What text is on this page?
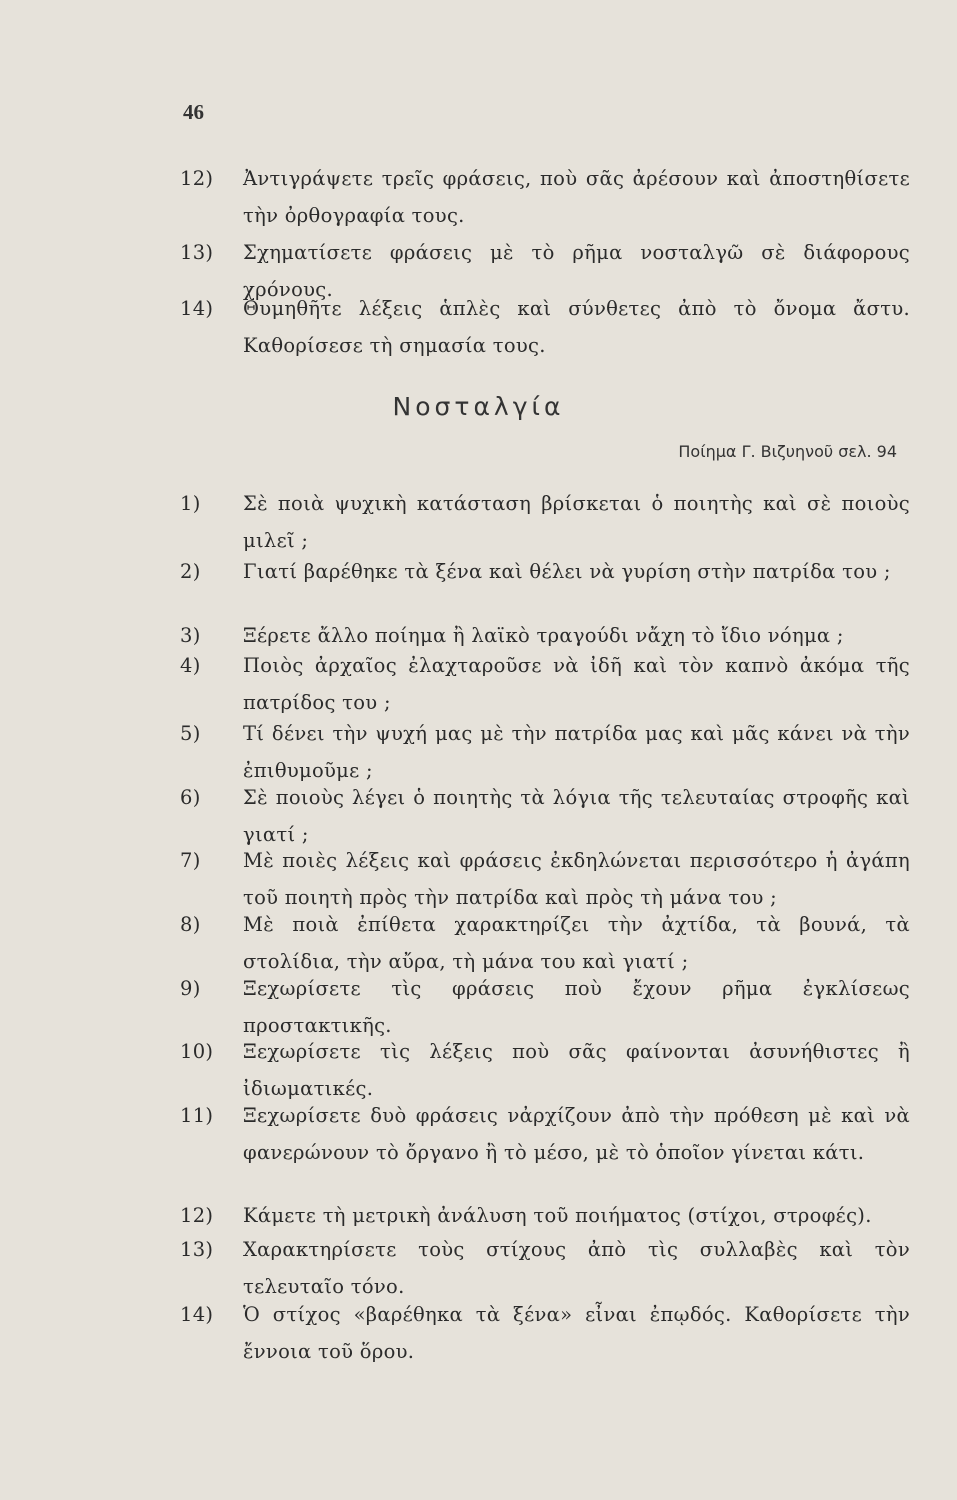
46
12)	Ἀντιγράψετε τρεῖς φράσεις, ποὺ σᾶς ἀρέσουν καὶ ἀποστηθίσετε τὴν ὀρθογραφία τους.
13)	Σχηματίσετε φράσεις μὲ τὸ ρῆμα νοσταλγῶ σὲ διάφορους χρόνους.
14)	Θυμηθῆτε λέξεις ἁπλὲς καὶ σύνθετες ἀπὸ τὸ ὄνομα ἄστυ. Καθορίσεσε τὴ σημασία τους.
Νοσταλγία
Ποίημα Γ. Βιζυηνοῦ σελ. 94
1)	Σὲ ποιὰ ψυχικὴ κατάσταση βρίσκεται ὁ ποιητὴς καὶ σὲ ποιοὺς μιλεῖ ;
2)	Γιατί βαρέθηκε τὰ ξένα καὶ θέλει νὰ γυρίση στὴν πατρίδα του ;
3)	Ξέρετε ἄλλο ποίημα ἢ λαϊκὸ τραγούδι νἄχη τὸ ἴδιο νόημα ;
4)	Ποιὸς ἀρχαῖος ἐλαχταροῦσε νὰ ἰδῆ καὶ τὸν καπνὸ ἀκόμα τῆς πατρίδος του ;
5)	Τί δένει τὴν ψυχή μας μὲ τὴν πατρίδα μας καὶ μᾶς κάνει νὰ τὴν ἐπιθυμοῦμε ;
6)	Σὲ ποιοὺς λέγει ὁ ποιητὴς τὰ λόγια τῆς τελευταίας στροφῆς καὶ γιατί ;
7)	Μὲ ποιὲς λέξεις καὶ φράσεις ἐκδηλώνεται περισσότερο ἡ ἀγάπη τοῦ ποιητὴ πρὸς τὴν πατρίδα καὶ πρὸς τὴ μάνα του ;
8)	Μὲ ποιὰ ἐπίθετα χαρακτηρίζει τὴν ἀχτίδα, τὰ βουνά, τὰ στολίδια, τὴν αὔρα, τὴ μάνα του καὶ γιατί ;
9)	Ξεχωρίσετε τὶς φράσεις ποὺ ἔχουν ρῆμα ἐγκλίσεως προστακτικῆς.
10)	Ξεχωρίσετε τὶς λέξεις ποὺ σᾶς φαίνονται ἀσυνήθιστες ἢ ἰδιωματικές.
11)	Ξεχωρίσετε δυὸ φράσεις νἀρχίζουν ἀπὸ τὴν πρόθεση μὲ καὶ νὰ φανερώνουν τὸ ὄργανο ἢ τὸ μέσο, μὲ τὸ ὁποῖον γίνεται κάτι.
12)	Κάμετε τὴ μετρικὴ ἀνάλυση τοῦ ποιήματος (στίχοι, στροφές).
13)	Χαρακτηρίσετε τοὺς στίχους ἀπὸ τὶς συλλαβὲς καὶ τὸν τελευταῖο τόνο.
14)	Ὁ στίχος «βαρέθηκα τὰ ξένα» εἶναι ἐπῳδός. Καθορίσετε τὴν ἔννοια τοῦ ὅρου.
